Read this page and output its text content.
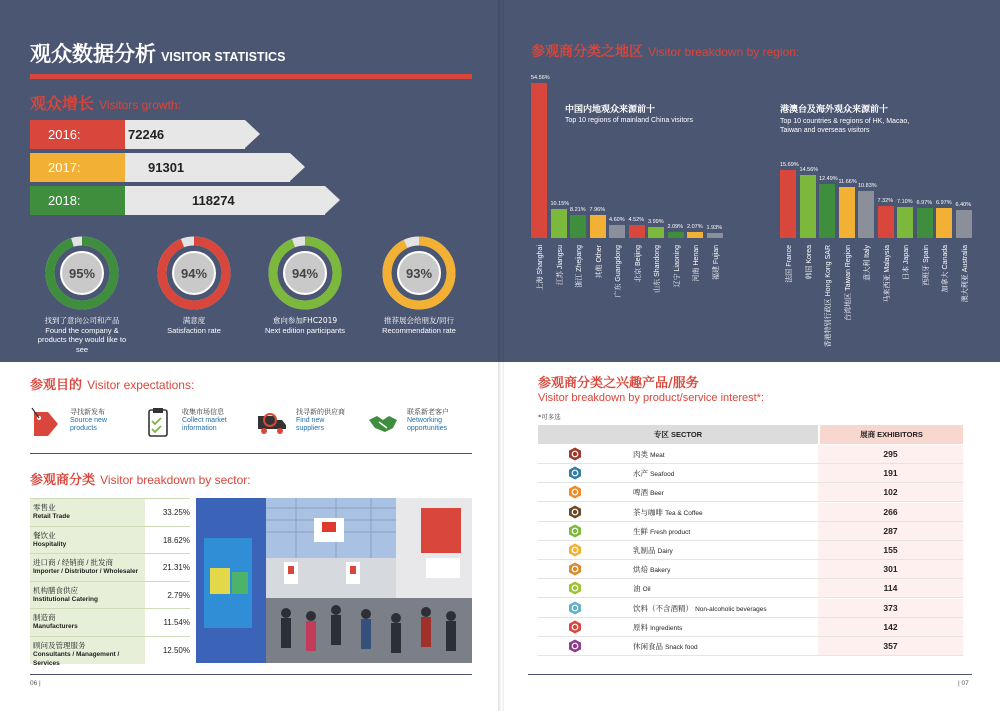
观众数据分析 VISITOR STATISTICS
观众增长 Visitors growth:
2016:	72246
2017:	91301
2018:	118274
95%
找到了意向公司和产品
Found the company & products they would like to see
94%
满意度
Satisfaction rate
94%
愈向参加FHC2019
Next edition participants
93%
推荐展会给朋友/同行
Recommendation rate
参观目的 Visitor expectations:
寻找新发布
Source new
products
收集市场信息
Collect market
information
找寻新的供应商
Find new
suppliers
联系新老客户
Networking
opportunities
参观商分类 Visitor breakdown by sector:
零售业
Retail Trade	33.25%
餐饮业
Hospitality	18.62%
进口商 / 经销商 / 批发商
Importer / Distributor / Wholesaler	21.31%
机构膳食供应
Institutional Catering	2.79%
制造商
Manufacturers	11.54%
顾问及管理服务
Consultants / Management / Services
12.50%
06 |
参观商分类之地区 Visitor breakdown by region:
中国内地观众来源前十
Top 10 regions of mainland China visitors
港澳台及海外观众来源前十
Top 10 countries & regions of HK, Macao,
Taiwan and overseas visitors
54.56%
上海 Shanghai
10.15%
江苏 Jiangsu
8.21%
浙江 Zhejiang
7.96%
其他 Other
4.60%
广东 Guangdong
4.52%
北京 Beijing
3.99%
山东 Shandong
2.09%
辽宁 Liaoning
2.07%
河南 Henan
1.93%
福建 Fujian
15.69%
法国 France
14.56%
韩国 Korea
12.49%
香港特别行政区 Hong Kong SAR
11.66%
台湾地区 Taiwan Region
10.83%
意大利 Italy
7.32%
马来西亚 Malaysia
7.10%
日本 Japan
6.97%
西班牙 Spain
6.97%
加拿大 Canada
6.40%
澳大利亚 Australia
参观商分类之兴趣产品/服务
Visitor breakdown by product/service interest*:
*可多选
专区 SECTOR	展商 EXHIBITORS
肉类 Meat	295
水产 Seafood	191
啤酒 Beer	102
茶与咖啡 Tea & Coffee	266
生鲜 Fresh product	287
乳制品 Dairy	155
烘焙 Bakery	301
油 Oil	114
饮料（不含酒精） Non-alcoholic beverages	373
原料 Ingredients	142
休闲食品 Snack food	357
| 07
